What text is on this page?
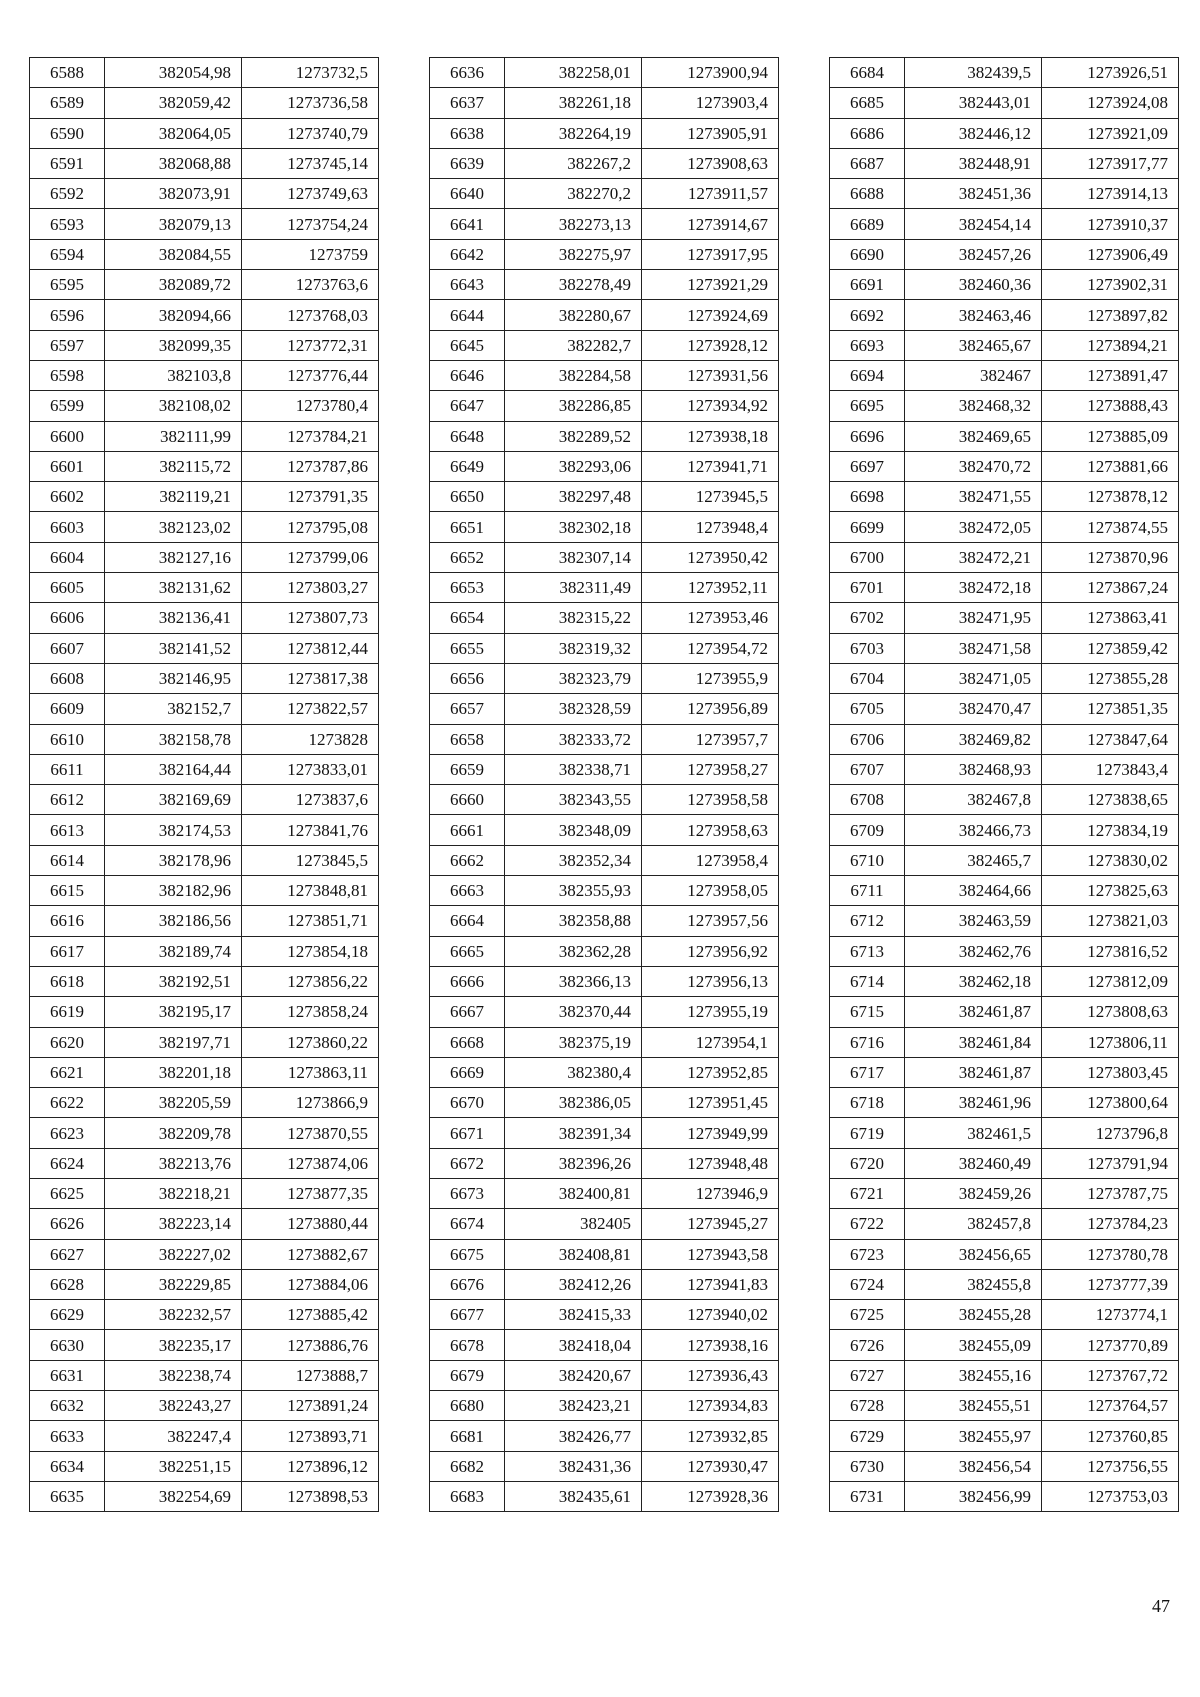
6588	382054,98	1273732,5
6589	382059,42	1273736,58
6590	382064,05	1273740,79
6591	382068,88	1273745,14
6592	382073,91	1273749,63
6593	382079,13	1273754,24
6594	382084,55	1273759
6595	382089,72	1273763,6
6596	382094,66	1273768,03
6597	382099,35	1273772,31
6598	382103,8	1273776,44
6599	382108,02	1273780,4
6600	382111,99	1273784,21
6601	382115,72	1273787,86
6602	382119,21	1273791,35
6603	382123,02	1273795,08
6604	382127,16	1273799,06
6605	382131,62	1273803,27
6606	382136,41	1273807,73
6607	382141,52	1273812,44
6608	382146,95	1273817,38
6609	382152,7	1273822,57
6610	382158,78	1273828
6611	382164,44	1273833,01
6612	382169,69	1273837,6
6613	382174,53	1273841,76
6614	382178,96	1273845,5
6615	382182,96	1273848,81
6616	382186,56	1273851,71
6617	382189,74	1273854,18
6618	382192,51	1273856,22
6619	382195,17	1273858,24
6620	382197,71	1273860,22
6621	382201,18	1273863,11
6622	382205,59	1273866,9
6623	382209,78	1273870,55
6624	382213,76	1273874,06
6625	382218,21	1273877,35
6626	382223,14	1273880,44
6627	382227,02	1273882,67
6628	382229,85	1273884,06
6629	382232,57	1273885,42
6630	382235,17	1273886,76
6631	382238,74	1273888,7
6632	382243,27	1273891,24
6633	382247,4	1273893,71
6634	382251,15	1273896,12
6635	382254,69	1273898,53
6636	382258,01	1273900,94
6637	382261,18	1273903,4
6638	382264,19	1273905,91
6639	382267,2	1273908,63
6640	382270,2	1273911,57
6641	382273,13	1273914,67
6642	382275,97	1273917,95
6643	382278,49	1273921,29
6644	382280,67	1273924,69
6645	382282,7	1273928,12
6646	382284,58	1273931,56
6647	382286,85	1273934,92
6648	382289,52	1273938,18
6649	382293,06	1273941,71
6650	382297,48	1273945,5
6651	382302,18	1273948,4
6652	382307,14	1273950,42
6653	382311,49	1273952,11
6654	382315,22	1273953,46
6655	382319,32	1273954,72
6656	382323,79	1273955,9
6657	382328,59	1273956,89
6658	382333,72	1273957,7
6659	382338,71	1273958,27
6660	382343,55	1273958,58
6661	382348,09	1273958,63
6662	382352,34	1273958,4
6663	382355,93	1273958,05
6664	382358,88	1273957,56
6665	382362,28	1273956,92
6666	382366,13	1273956,13
6667	382370,44	1273955,19
6668	382375,19	1273954,1
6669	382380,4	1273952,85
6670	382386,05	1273951,45
6671	382391,34	1273949,99
6672	382396,26	1273948,48
6673	382400,81	1273946,9
6674	382405	1273945,27
6675	382408,81	1273943,58
6676	382412,26	1273941,83
6677	382415,33	1273940,02
6678	382418,04	1273938,16
6679	382420,67	1273936,43
6680	382423,21	1273934,83
6681	382426,77	1273932,85
6682	382431,36	1273930,47
6683	382435,61	1273928,36
6684	382439,5	1273926,51
6685	382443,01	1273924,08
6686	382446,12	1273921,09
6687	382448,91	1273917,77
6688	382451,36	1273914,13
6689	382454,14	1273910,37
6690	382457,26	1273906,49
6691	382460,36	1273902,31
6692	382463,46	1273897,82
6693	382465,67	1273894,21
6694	382467	1273891,47
6695	382468,32	1273888,43
6696	382469,65	1273885,09
6697	382470,72	1273881,66
6698	382471,55	1273878,12
6699	382472,05	1273874,55
6700	382472,21	1273870,96
6701	382472,18	1273867,24
6702	382471,95	1273863,41
6703	382471,58	1273859,42
6704	382471,05	1273855,28
6705	382470,47	1273851,35
6706	382469,82	1273847,64
6707	382468,93	1273843,4
6708	382467,8	1273838,65
6709	382466,73	1273834,19
6710	382465,7	1273830,02
6711	382464,66	1273825,63
6712	382463,59	1273821,03
6713	382462,76	1273816,52
6714	382462,18	1273812,09
6715	382461,87	1273808,63
6716	382461,84	1273806,11
6717	382461,87	1273803,45
6718	382461,96	1273800,64
6719	382461,5	1273796,8
6720	382460,49	1273791,94
6721	382459,26	1273787,75
6722	382457,8	1273784,23
6723	382456,65	1273780,78
6724	382455,8	1273777,39
6725	382455,28	1273774,1
6726	382455,09	1273770,89
6727	382455,16	1273767,72
6728	382455,51	1273764,57
6729	382455,97	1273760,85
6730	382456,54	1273756,55
6731	382456,99	1273753,03
47
